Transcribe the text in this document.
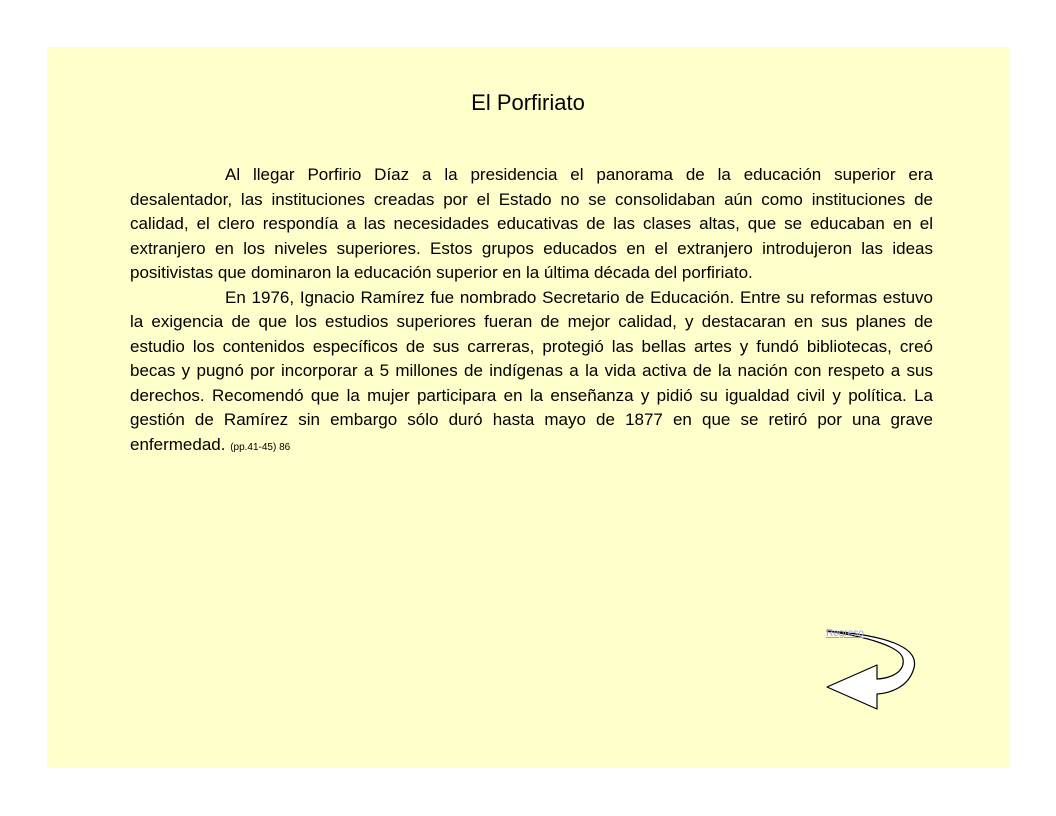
El Porfiriato

Al llegar Porfirio Díaz a la presidencia el panorama de la educación superior era desalentador, las instituciones creadas por el Estado no se consolidaban aún como instituciones de calidad, el clero respondía a las necesidades educativas de las clases altas, que se educaban en el extranjero en los niveles superiores. Estos grupos educados en el extranjero introdujeron las ideas positivistas que dominaron la educación superior en la última década del porfiriato.

En 1976, Ignacio Ramírez fue nombrado Secretario de Educación. Entre su reformas estuvo la exigencia de que los estudios superiores fueran de mejor calidad, y destacaran en sus planes de estudio los contenidos específicos de sus carreras, protegió las bellas artes y fundó bibliotecas, creó becas y pugnó por incorporar a 5 millones de indígenas a la vida activa de la nación con respeto a sus derechos. Recomendó que la mujer participara en la enseñanza y pidió su igualdad civil y política. La gestión de Ramírez sin embargo sólo duró hasta mayo de 1877 en que se retiró por una grave enfermedad. (pp.41-45) 86

Regreso
